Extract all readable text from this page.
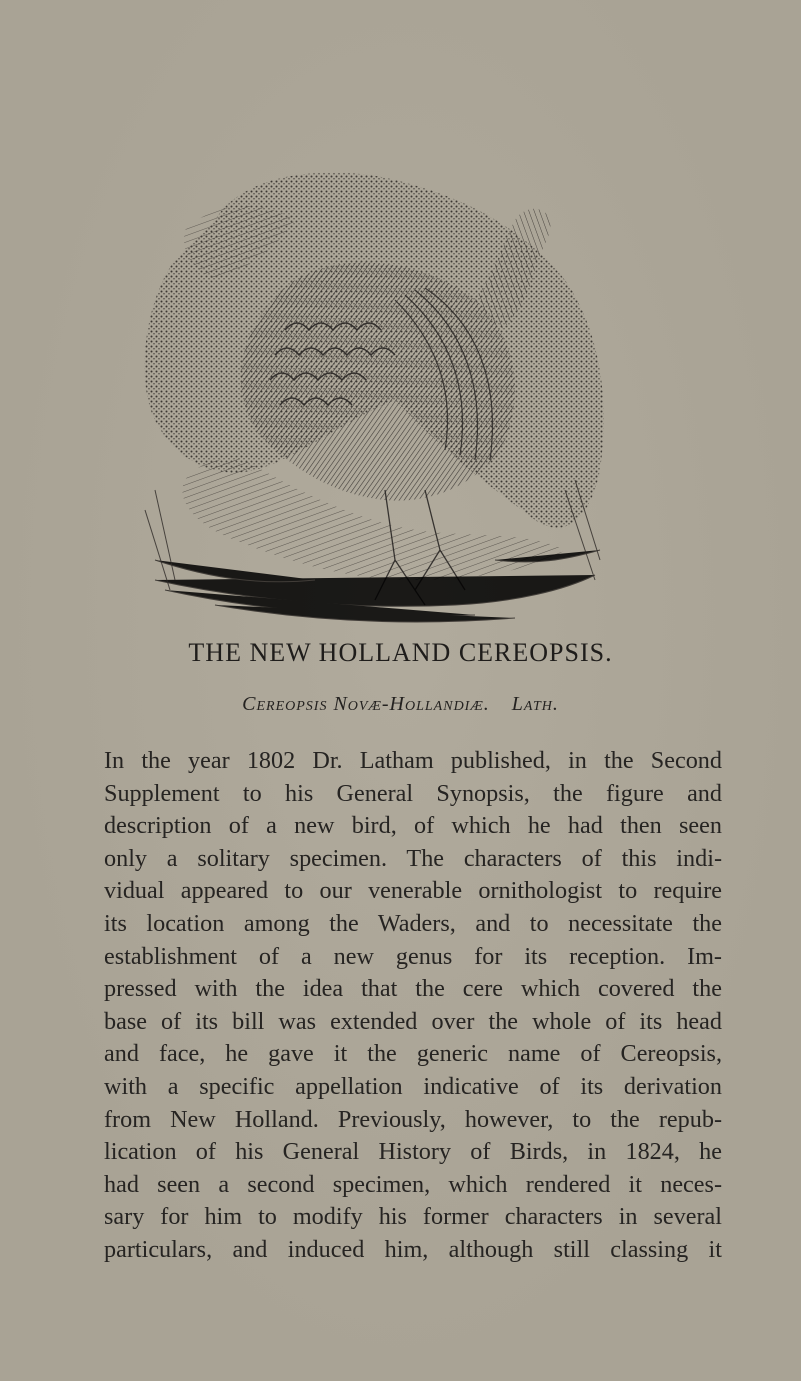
THE NEW HOLLAND CEREOPSIS.
Cereopsis Novæ-Hollandiæ. Lath.
In the year 1802 Dr. Latham published, in the Second
Supplement to his General Synopsis, the figure and
description of a new bird, of which he had then seen
only a solitary specimen. The characters of this indi-
vidual appeared to our venerable ornithologist to require
its location among the Waders, and to necessitate the
establishment of a new genus for its reception. Im-
pressed with the idea that the cere which covered the
base of its bill was extended over the whole of its head
and face, he gave it the generic name of Cereopsis,
with a specific appellation indicative of its derivation
from New Holland. Previously, however, to the repub-
lication of his General History of Birds, in 1824, he
had seen a second specimen, which rendered it neces-
sary for him to modify his former characters in several
particulars, and induced him, although still classing it
